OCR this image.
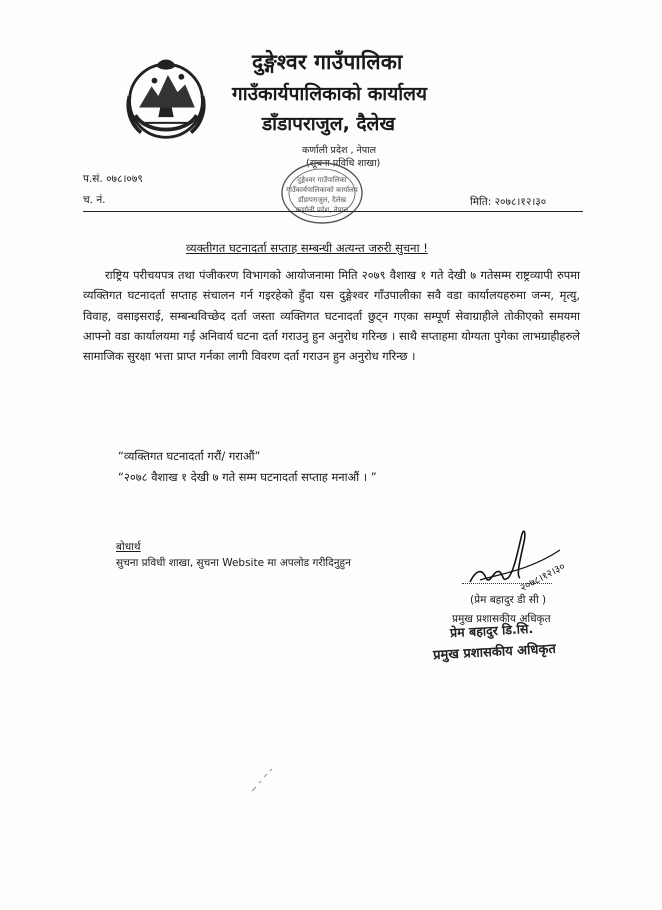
दुङ्गेश्वर गाउँपालिका
गाउँकार्यपालिकाको कार्यालय
डाँडापराजुल, दैलेख
कर्णाली प्रदेश , नेपाल
(सूचना प्रविधि शाखा)
दुङ्गेश्वर गाउँपालिका
गाउँकार्यपालिकाको कार्यालय
डाँडापराजुल, दैलेख
कर्णाली प्रदेश, नेपाल
प.सं. ०७८।०७९
च. नं.	मिति: २०७८।१२।३०
व्यक्तीगत घटनादर्ता सप्ताह सम्बन्धी अत्यन्त जरुरी सुचना !
राष्ट्रिय परीचयपत्र तथा पंजीकरण विभागको आयोजनामा मिति २०७९ वैशाख १ गते देखी ७ गतेसम्म राष्ट्रव्यापी रुपमा व्यक्तिगत घटनादर्ता सप्ताह संचालन गर्न गइरहेको हुँदा यस दुङ्गेश्वर गाँउपालीका सवै वडा कार्यालयहरुमा जन्म, मृत्यु, विवाह, वसाइसराई, सम्बन्धविच्छेद दर्ता जस्ता व्यक्तिगत घटनादर्ता छुट्न गएका सम्पूर्ण सेवाग्राहीले तोकीएको समयमा आफ्नो वडा कार्यालयमा गई अनिवार्य घटना दर्ता गराउनु हुन अनुरोध गरिन्छ । साथै सप्ताहमा योग्यता पुगेका लाभग्राहीहरुले सामाजिक सुरक्षा भत्ता प्राप्त गर्नका लागी विवरण दर्ता गराउन हुन अनुरोध गरिन्छ ।
“व्यक्तिगत घटनादर्ता गरौं/ गराऔं”
“२०७८ वैशाख १ देखी ७ गते सम्म घटनादर्ता सप्ताह मनाऔं । ”
बोधार्थ
सुचना प्रविधी शाखा, सुचना Website मा अपलोड गरीदिनुहुन	२०७८।१२।३०
(प्रेम बहादुर डी सी )
प्रमुख प्रशासकीय अधिकृत
प्रेम बहादुर डि.सि.
प्रमुख प्रशासकीय अधिकृत
